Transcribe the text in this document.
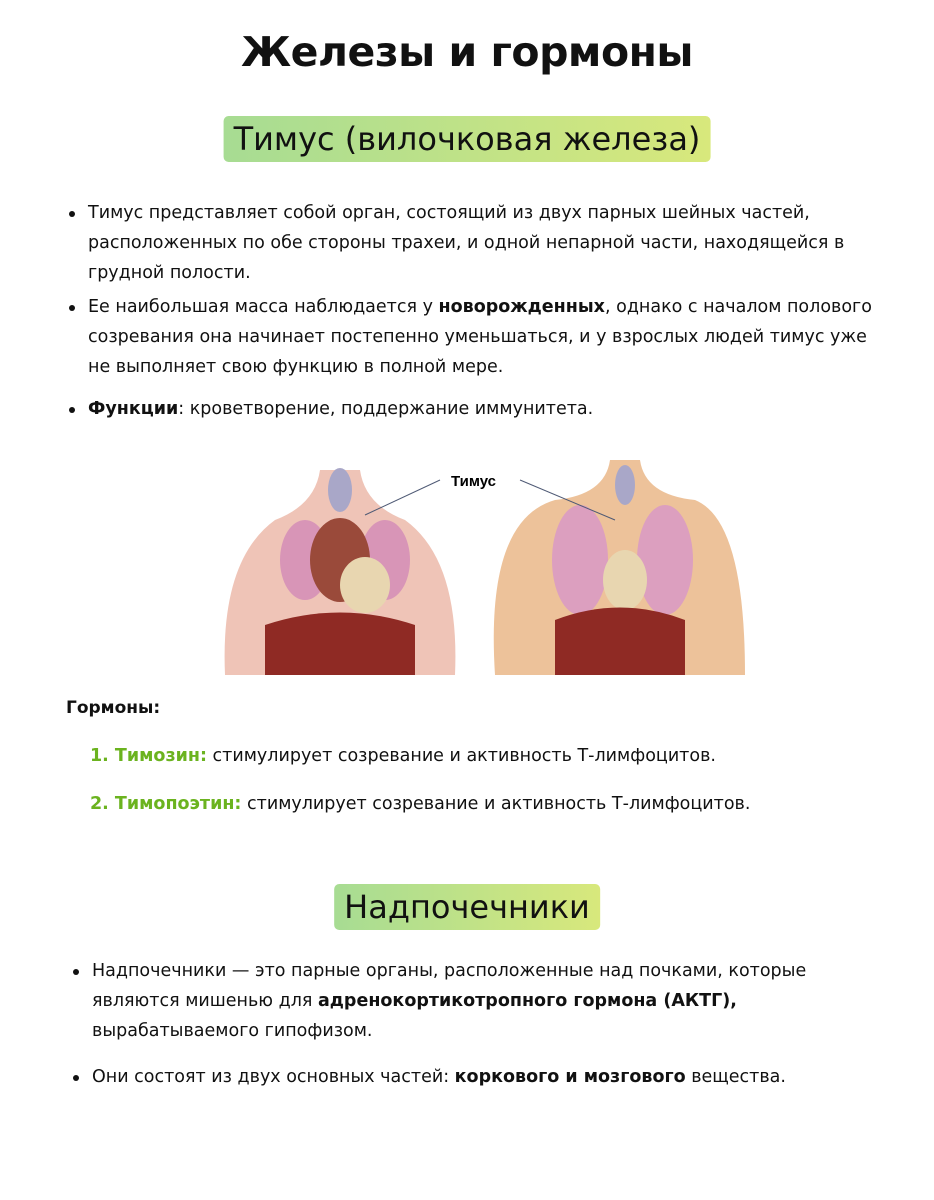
Железы и гормоны
Тимус (вилочковая железа)
Тимус представляет собой орган, состоящий из двух парных шейных частей, расположенных по обе стороны трахеи, и одной непарной части, находящейся в грудной полости.
Ее наибольшая масса наблюдается у новорожденных, однако с началом полового созревания она начинает постепенно уменьшаться, и у взрослых людей тимус уже не выполняет свою функцию в полной мере.
Функции: кроветворение, поддержание иммунитета.
Тимус
Гормоны:
1. Тимозин: стимулирует созревание и активность Т-лимфоцитов.
2. Тимопоэтин: стимулирует созревание и активность Т-лимфоцитов.
Надпочечники
Надпочечники — это парные органы, расположенные над почками, которые являются мишенью для адренокортикотропного гормона (АКТГ), вырабатываемого гипофизом.
Они состоят из двух основных частей: коркового и мозгового вещества.
